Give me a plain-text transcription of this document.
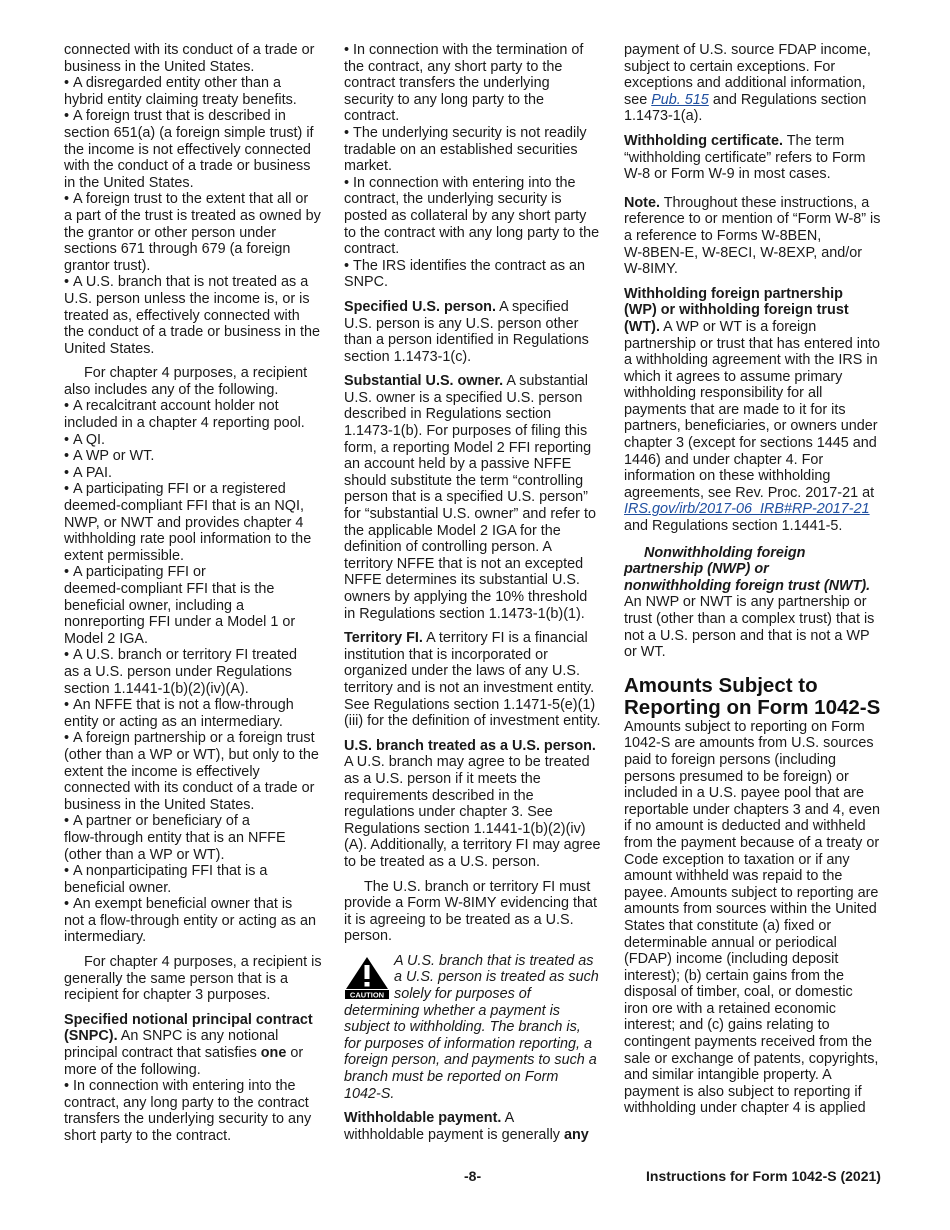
connected with its conduct of a trade or
business in the United States.
• A disregarded entity other than a
hybrid entity claiming treaty benefits.
• A foreign trust that is described in
section 651(a) (a foreign simple trust) if
the income is not effectively connected
with the conduct of a trade or business
in the United States.
• A foreign trust to the extent that all or
a part of the trust is treated as owned by
the grantor or other person under
sections 671 through 679 (a foreign
grantor trust).
• A U.S. branch that is not treated as a
U.S. person unless the income is, or is
treated as, effectively connected with
the conduct of a trade or business in the
United States.
For chapter 4 purposes, a recipient
also includes any of the following.
• A recalcitrant account holder not
included in a chapter 4 reporting pool.
• A QI.
• A WP or WT.
• A PAI.
• A participating FFI or a registered
deemed-compliant FFI that is an NQI,
NWP, or NWT and provides chapter 4
withholding rate pool information to the
extent permissible.
• A participating FFI or
deemed-compliant FFI that is the
beneficial owner, including a
nonreporting FFI under a Model 1 or
Model 2 IGA.
• A U.S. branch or territory FI treated
as a U.S. person under Regulations
section 1.1441-1(b)(2)(iv)(A).
• An NFFE that is not a flow-through
entity or acting as an intermediary.
• A foreign partnership or a foreign trust
(other than a WP or WT), but only to the
extent the income is effectively
connected with its conduct of a trade or
business in the United States.
• A partner or beneficiary of a
flow-through entity that is an NFFE
(other than a WP or WT).
• A nonparticipating FFI that is a
beneficial owner.
• An exempt beneficial owner that is
not a flow-through entity or acting as an
intermediary.
For chapter 4 purposes, a recipient is
generally the same person that is a
recipient for chapter 3 purposes.
Specified notional principal contract
(SNPC). An SNPC is any notional
principal contract that satisfies one or
more of the following.
• In connection with entering into the
contract, any long party to the contract
transfers the underlying security to any
short party to the contract.
• In connection with the termination of
the contract, any short party to the
contract transfers the underlying
security to any long party to the
contract.
• The underlying security is not readily
tradable on an established securities
market.
• In connection with entering into the
contract, the underlying security is
posted as collateral by any short party
to the contract with any long party to the
contract.
• The IRS identifies the contract as an
SNPC.
Specified U.S. person. A specified
U.S. person is any U.S. person other
than a person identified in Regulations
section 1.1473-1(c).
Substantial U.S. owner. A substantial
U.S. owner is a specified U.S. person
described in Regulations section
1.1473-1(b). For purposes of filing this
form, a reporting Model 2 FFI reporting
an account held by a passive NFFE
should substitute the term “controlling
person that is a specified U.S. person”
for “substantial U.S. owner” and refer to
the applicable Model 2 IGA for the
definition of controlling person. A
territory NFFE that is not an excepted
NFFE determines its substantial U.S.
owners by applying the 10% threshold
in Regulations section 1.1473-1(b)(1).
Territory FI. A territory FI is a financial
institution that is incorporated or
organized under the laws of any U.S.
territory and is not an investment entity.
See Regulations section 1.1471-5(e)(1)
(iii) for the definition of investment entity.
U.S. branch treated as a U.S. person.
A U.S. branch may agree to be treated
as a U.S. person if it meets the
requirements described in the
regulations under chapter 3. See
Regulations section 1.1441-1(b)(2)(iv)
(A). Additionally, a territory FI may agree
to be treated as a U.S. person.
The U.S. branch or territory FI must
provide a Form W-8IMY evidencing that
it is agreeing to be treated as a U.S.
person.
CAUTION
A U.S. branch that is treated as
a U.S. person is treated as such
solely for purposes of
determining whether a payment is
subject to withholding. The branch is,
for purposes of information reporting, a
foreign person, and payments to such a
branch must be reported on Form
1042-S.
Withholdable payment. A
withholdable payment is generally any
payment of U.S. source FDAP income,
subject to certain exceptions. For
exceptions and additional information,
see Pub. 515 and Regulations section
1.1473-1(a).
Withholding certificate. The term
“withholding certificate” refers to Form
W-8 or Form W-9 in most cases.
Note. Throughout these instructions, a
reference to or mention of “Form W-8” is
a reference to Forms W-8BEN,
W-8BEN-E, W-8ECI, W-8EXP, and/or
W-8IMY.
Withholding foreign partnership
(WP) or withholding foreign trust
(WT). A WP or WT is a foreign
partnership or trust that has entered into
a withholding agreement with the IRS in
which it agrees to assume primary
withholding responsibility for all
payments that are made to it for its
partners, beneficiaries, or owners under
chapter 3 (except for sections 1445 and
1446) and under chapter 4. For
information on these withholding
agreements, see Rev. Proc. 2017-21 at
IRS.gov/irb/2017-06_IRB#RP-2017-21
and Regulations section 1.1441-5.
Nonwithholding foreign
partnership (NWP) or
nonwithholding foreign trust (NWT).
An NWP or NWT is any partnership or
trust (other than a complex trust) that is
not a U.S. person and that is not a WP
or WT.
Amounts Subject to
Reporting on Form 1042-S
Amounts subject to reporting on Form
1042-S are amounts from U.S. sources
paid to foreign persons (including
persons presumed to be foreign) or
included in a U.S. payee pool that are
reportable under chapters 3 and 4, even
if no amount is deducted and withheld
from the payment because of a treaty or
Code exception to taxation or if any
amount withheld was repaid to the
payee. Amounts subject to reporting are
amounts from sources within the United
States that constitute (a) fixed or
determinable annual or periodical
(FDAP) income (including deposit
interest); (b) certain gains from the
disposal of timber, coal, or domestic
iron ore with a retained economic
interest; and (c) gains relating to
contingent payments received from the
sale or exchange of patents, copyrights,
and similar intangible property. A
payment is also subject to reporting if
withholding under chapter 4 is applied
-8-	Instructions for Form 1042-S (2021)
